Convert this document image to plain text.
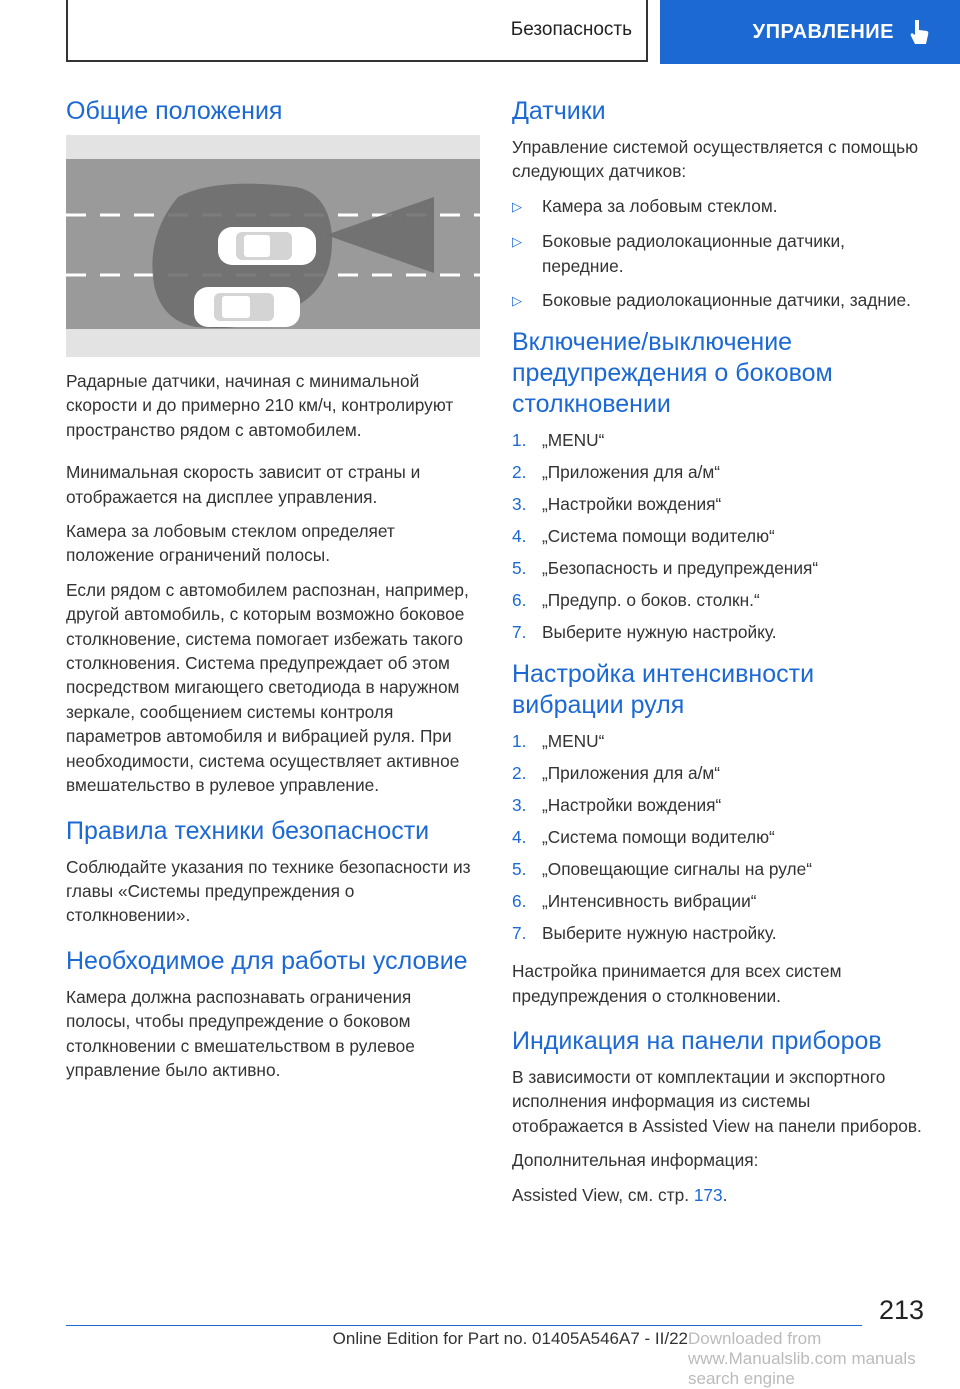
Безопасность	УПРАВЛЕНИЕ
Общие положения

Радарные датчики, начиная с минимальной скорости и до примерно 210 км/ч, контролируют пространство рядом с автомобилем.

Минимальная скорость зависит от страны и отображается на дисплее управления.

Камера за лобовым стеклом определяет положение ограничений полосы.

Если рядом с автомобилем распознан, например, другой автомобиль, с которым возможно боковое столкновение, система помогает избежать такого столкновения. Система предупреждает об этом посредством мигающего светодиода в наружном зеркале, сообщением системы контроля параметров автомобиля и вибрацией руля. При необходимости, система осуществляет активное вмешательство в рулевое управление.

Правила техники безопасности

Соблюдайте указания по технике безопасности из главы «Системы предупреждения о столкновении».

Необходимое для работы условие

Камера должна распознавать ограничения полосы, чтобы предупреждение о боковом столкновении с вмешательством в рулевое управление было активно.

Датчики

Управление системой осуществляется с помощью следующих датчиков:

▷	Камера за лобовым стеклом.
▷	Боковые радиолокационные датчики, передние.
▷	Боковые радиолокационные датчики, задние.
Включение/выключение предупреждения о боковом столкновении
1. „MENU“
2. „Приложения для а/м“
3. „Настройки вождения“
4. „Система помощи водителю“
5. „Безопасность и предупреждения“
6. „Предупр. о боков. столкн.“
7. Выберите нужную настройку.
Настройка интенсивности вибрации руля
1. „MENU“
2. „Приложения для а/м“
3. „Настройки вождения“
4. „Система помощи водителю“
5. „Оповещающие сигналы на руле“
6. „Интенсивность вибрации“
7. Выберите нужную настройку.

Настройка принимается для всех систем предупреждения о столкновении.

Индикация на панели приборов

В зависимости от комплектации и экспортного исполнения информация из системы отображается в Assisted View на панели приборов.

Дополнительная информация:

Assisted View, см. стр. 173.

213
Online Edition for Part no. 01405A546A7 - II/22 Downloaded from www.Manualslib.com manuals search engine
